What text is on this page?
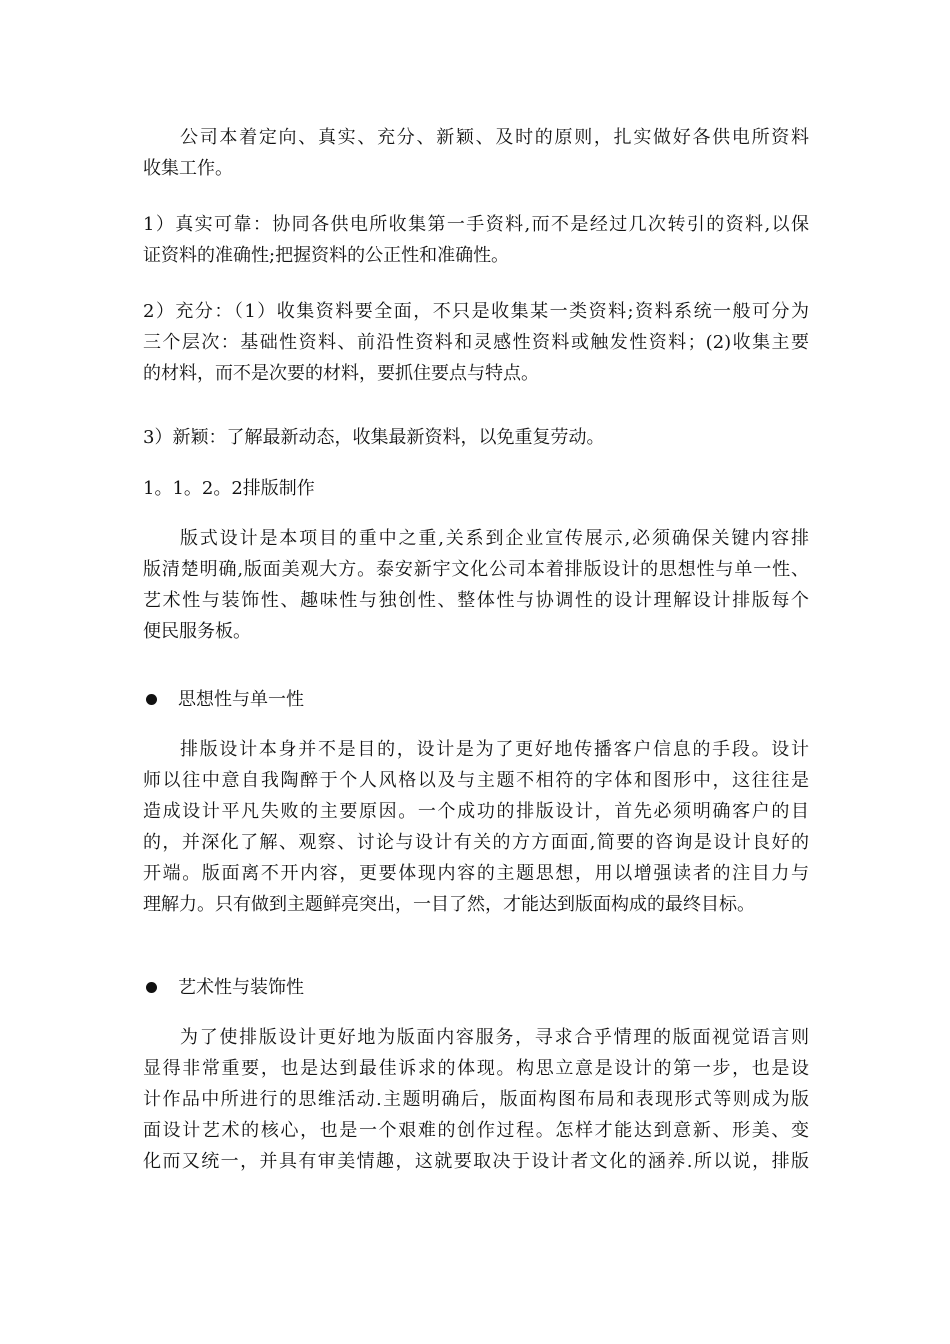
公司本着定向、真实、充分、新颖、及时的原则，扎实做好各供电所资料
收集工作。
1）真实可靠：协同各供电所收集第一手资料,而不是经过几次转引的资料,以保
证资料的准确性;把握资料的公正性和准确性。
2）充分：（1）收集资料要全面，不只是收集某一类资料;资料系统一般可分为
三个层次：基础性资料、前沿性资料和灵感性资料或触发性资料；(2)收集主要
的材料，而不是次要的材料，要抓住要点与特点。
3）新颖：了解最新动态，收集最新资料，以免重复劳动。
1。1。2。2排版制作
版式设计是本项目的重中之重,关系到企业宣传展示,必须确保关键内容排
版清楚明确,版面美观大方。泰安新宇文化公司本着排版设计的思想性与单一性、
艺术性与装饰性、趣味性与独创性、整体性与协调性的设计理解设计排版每个
便民服务板。
思想性与单一性
排版设计本身并不是目的，设计是为了更好地传播客户信息的手段。设计
师以往中意自我陶醉于个人风格以及与主题不相符的字体和图形中，这往往是
造成设计平凡失败的主要原因。一个成功的排版设计，首先必须明确客户的目
的，并深化了解、观察、讨论与设计有关的方方面面,简要的咨询是设计良好的
开端。版面离不开内容，更要体现内容的主题思想，用以增强读者的注目力与
理解力。只有做到主题鲜亮突出，一目了然，才能达到版面构成的最终目标。
艺术性与装饰性
为了使排版设计更好地为版面内容服务，寻求合乎情理的版面视觉语言则
显得非常重要，也是达到最佳诉求的体现。构思立意是设计的第一步，也是设
计作品中所进行的思维活动.主题明确后，版面构图布局和表现形式等则成为版
面设计艺术的核心，也是一个艰难的创作过程。怎样才能达到意新、形美、变
化而又统一，并具有审美情趣，这就要取决于设计者文化的涵养.所以说，排版
